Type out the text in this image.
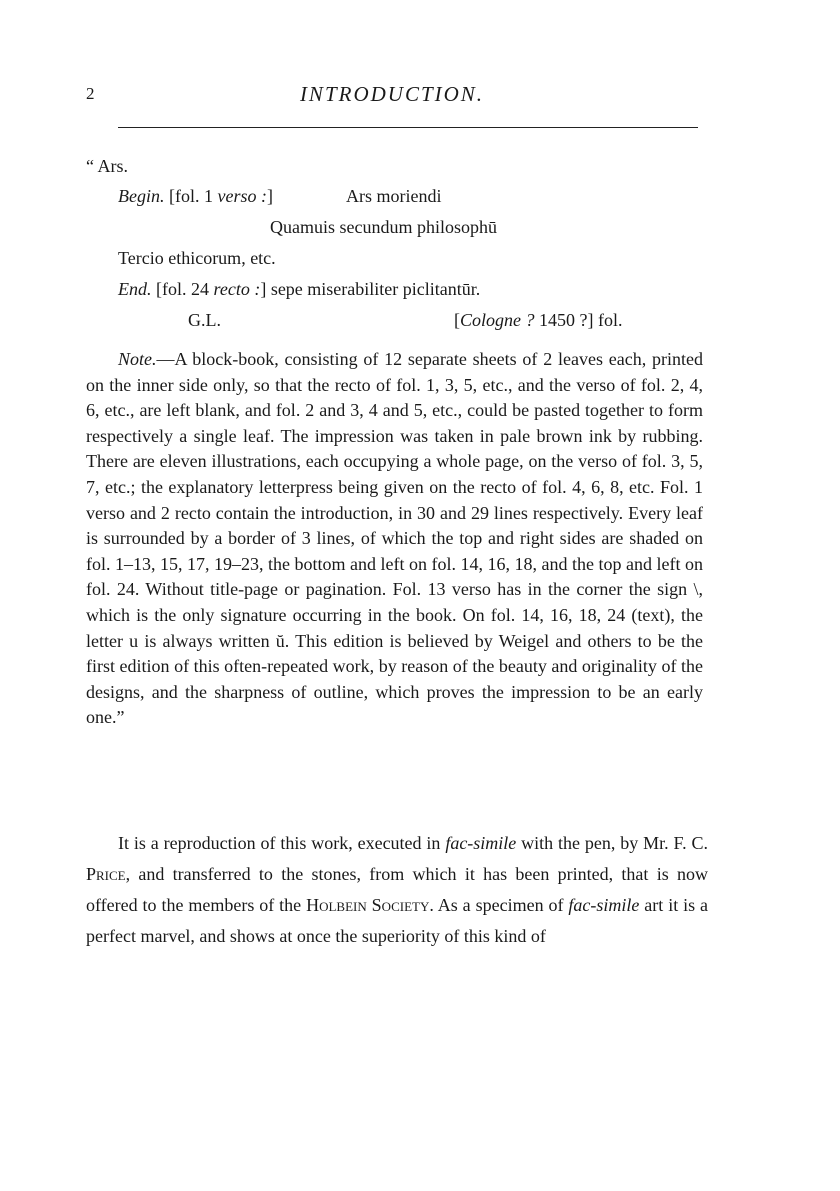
2	INTRODUCTION.
“ Ars.
Begin. [fol. 1 verso :]	Ars moriendi
Quamuis secundum philosophū
Tercio ethicorum, etc.
End. [fol. 24 recto :] sepe miserabiliter piclitantūr.
G.L.	[Cologne ? 1450 ?] fol.

Note.—A block-book, consisting of 12 separate sheets of 2 leaves each, printed on the inner side only, so that the recto of fol. 1, 3, 5, etc., and the verso of fol. 2, 4, 6, etc., are left blank, and fol. 2 and 3, 4 and 5, etc., could be pasted together to form respectively a single leaf. The impression was taken in pale brown ink by rubbing. There are eleven illustrations, each occupying a whole page, on the verso of fol. 3, 5, 7, etc.; the explanatory letterpress being given on the recto of fol. 4, 6, 8, etc. Fol. 1 verso and 2 recto contain the introduction, in 30 and 29 lines respectively. Every leaf is surrounded by a border of 3 lines, of which the top and right sides are shaded on fol. 1–13, 15, 17, 19–23, the bottom and left on fol. 14, 16, 18, and the top and left on fol. 24. Without title-page or pagination. Fol. 13 verso has in the corner the sign \, which is the only signature occurring in the book. On fol. 14, 16, 18, 24 (text), the letter u is always written ŭ. This edition is believed by Weigel and others to be the first edition of this often-repeated work, by reason of the beauty and originality of the designs, and the sharpness of outline, which proves the impression to be an early one.”

It is a reproduction of this work, executed in fac-simile with the pen, by Mr. F. C. Price, and transferred to the stones, from which it has been printed, that is now offered to the members of the Holbein Society. As a specimen of fac-simile art it is a perfect marvel, and shows at once the superiority of this kind of
